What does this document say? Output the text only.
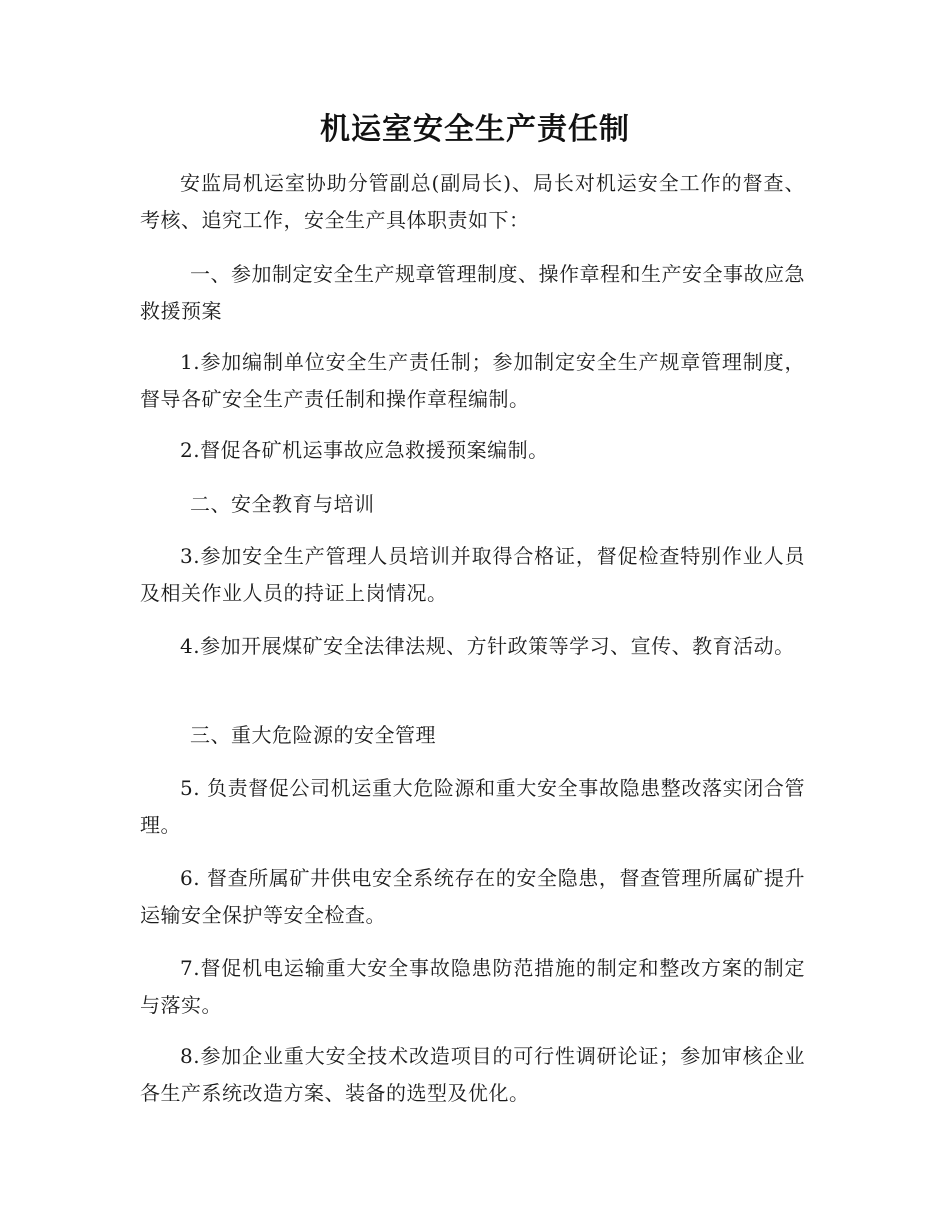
机运室安全生产责任制

安监局机运室协助分管副总(副局长)、局长对机运安全工作的督查、考核、追究工作，安全生产具体职责如下：

一、参加制定安全生产规章管理制度、操作章程和生产安全事故应急救援预案

1.参加编制单位安全生产责任制；参加制定安全生产规章管理制度，督导各矿安全生产责任制和操作章程编制。

2.督促各矿机运事故应急救援预案编制。

二、安全教育与培训

3.参加安全生产管理人员培训并取得合格证，督促检查特别作业人员及相关作业人员的持证上岗情况。

4.参加开展煤矿安全法律法规、方针政策等学习、宣传、教育活动。

三、重大危险源的安全管理

5. 负责督促公司机运重大危险源和重大安全事故隐患整改落实闭合管理。

6. 督查所属矿井供电安全系统存在的安全隐患，督查管理所属矿提升运输安全保护等安全检查。

7.督促机电运输重大安全事故隐患防范措施的制定和整改方案的制定与落实。

8.参加企业重大安全技术改造项目的可行性调研论证；参加审核企业各生产系统改造方案、装备的选型及优化。
